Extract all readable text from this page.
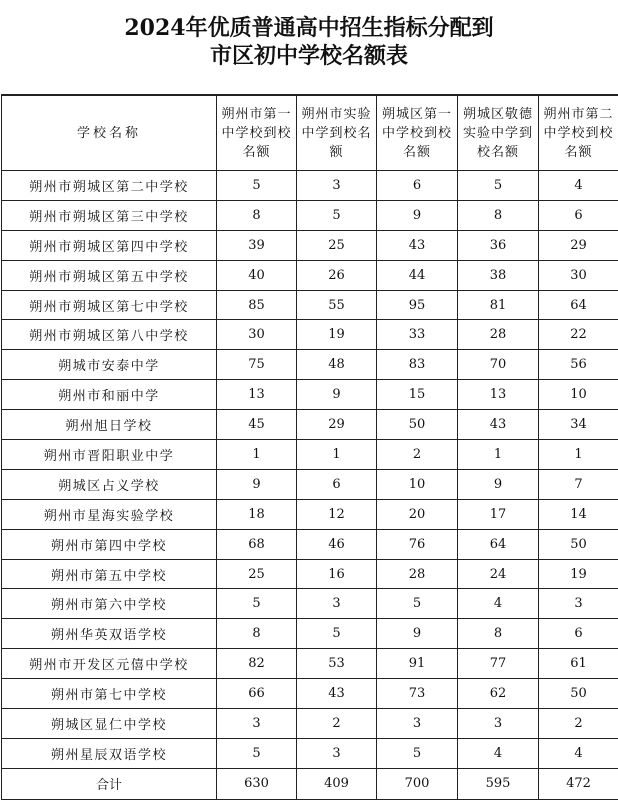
2024年优质普通高中招生指标分配到
市区初中学校名额表
学校名称	朔州市第一中学校到校名额	朔州市实验中学到校名额	朔城区第一中学校到校名额	朔城区敬德实验中学到校名额	朔州市第二中学校到校名额
朔州市朔城区第二中学校	5	3	6	5	4
朔州市朔城区第三中学校	8	5	9	8	6
朔州市朔城区第四中学校	39	25	43	36	29
朔州市朔城区第五中学校	40	26	44	38	30
朔州市朔城区第七中学校	85	55	95	81	64
朔州市朔城区第八中学校	30	19	33	28	22
朔城市安泰中学	75	48	83	70	56
朔州市和丽中学	13	9	15	13	10
朔州旭日学校	45	29	50	43	34
朔州市晋阳职业中学	1	1	2	1	1
朔城区占义学校	9	6	10	9	7
朔州市星海实验学校	18	12	20	17	14
朔州市第四中学校	68	46	76	64	50
朔州市第五中学校	25	16	28	24	19
朔州市第六中学校	5	3	5	4	3
朔州华英双语学校	8	5	9	8	6
朔州市开发区元僖中学校	82	53	91	77	61
朔州市第七中学校	66	43	73	62	50
朔城区显仁中学校	3	2	3	3	2
朔州星辰双语学校	5	3	5	4	4
合计	630	409	700	595	472
